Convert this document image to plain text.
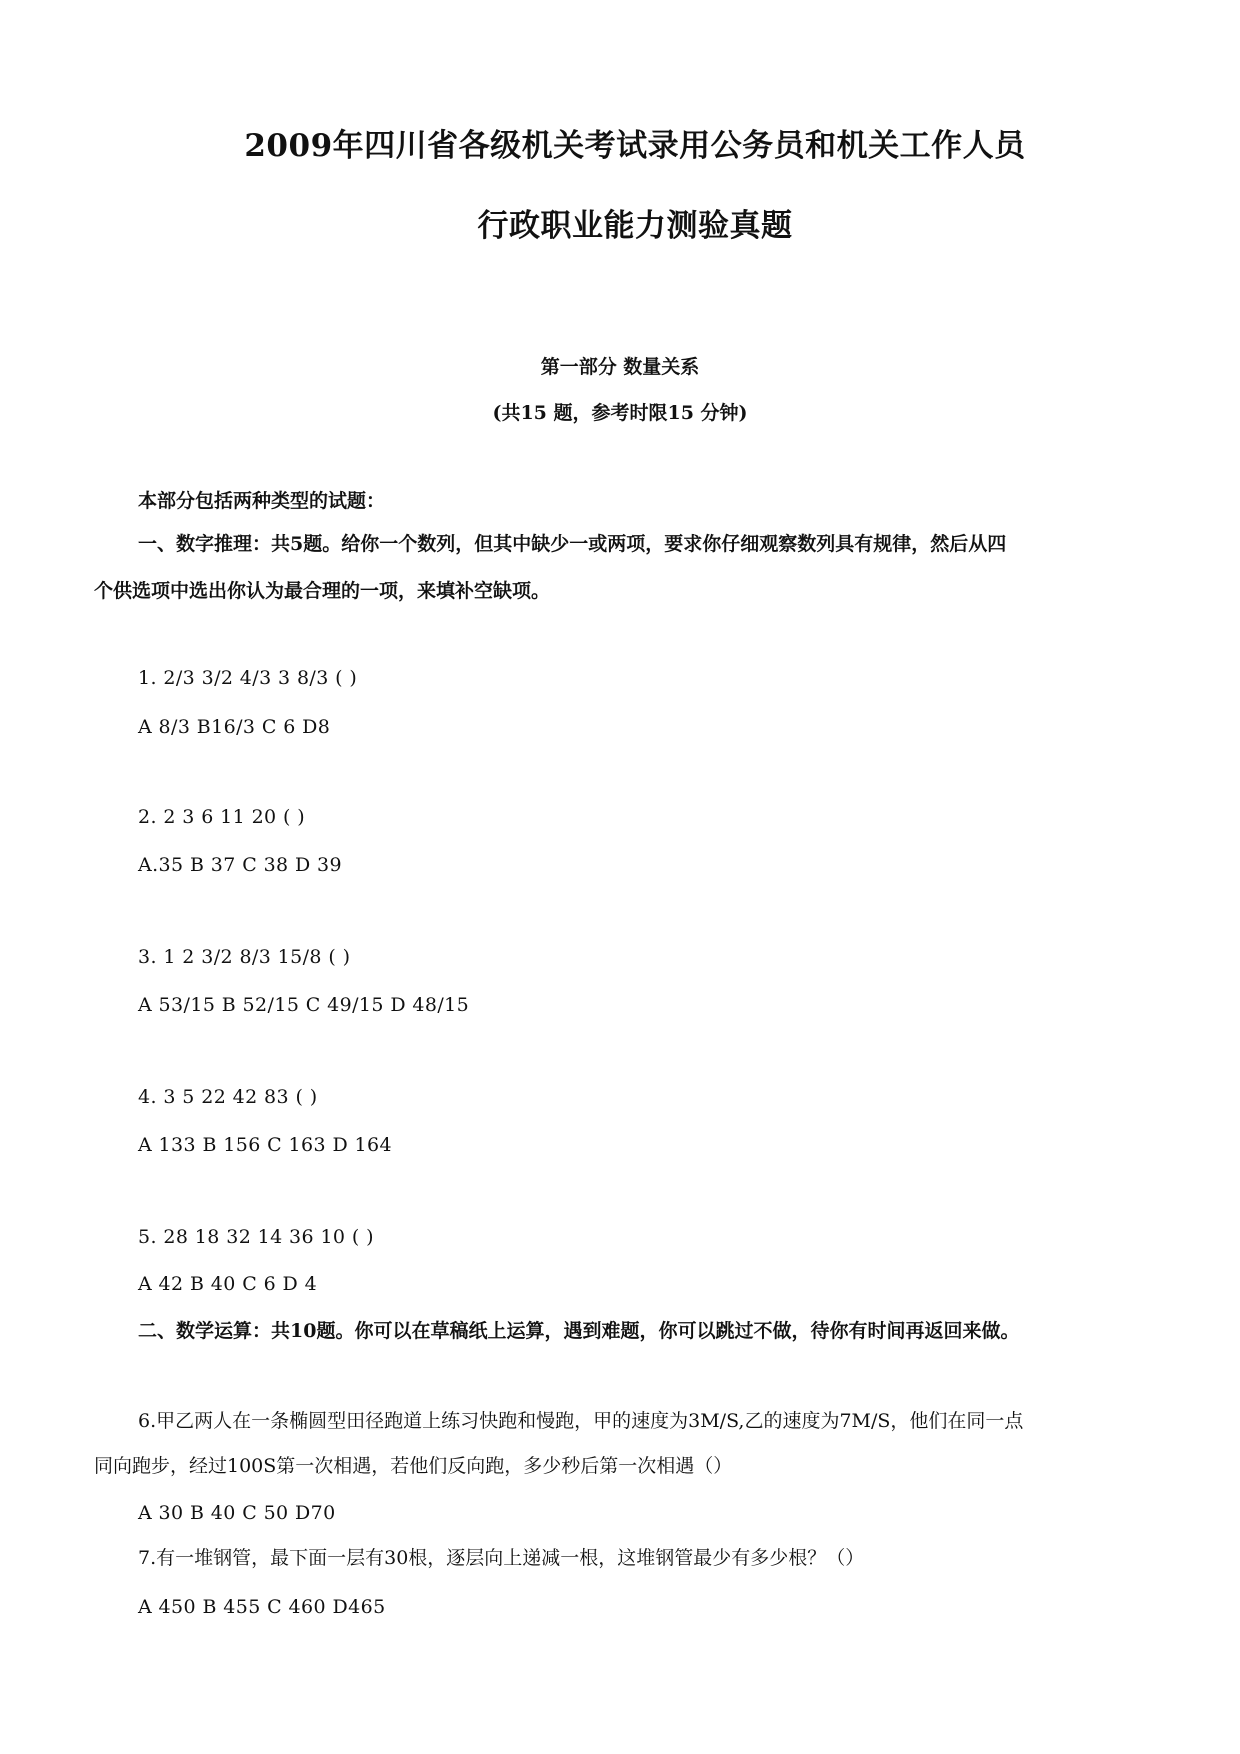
2009年四川省各级机关考试录用公务员和机关工作人员
行政职业能力测验真题
第一部分 数量关系
(共15 题，参考时限15 分钟)
本部分包括两种类型的试题：
一、数字推理：共5题。给你一个数列，但其中缺少一或两项，要求你仔细观察数列具有规律，然后从四
个供选项中选出你认为最合理的一项，来填补空缺项。
1. 2/3 3/2 4/3 3 8/3 ( )
A 8/3 B16/3 C 6 D8
2. 2 3 6 11 20 ( )
A.35 B 37 C 38 D 39
3. 1 2 3/2 8/3 15/8 ( )
A 53/15 B 52/15 C 49/15 D 48/15
4. 3 5 22 42 83 ( )
A 133 B 156 C 163 D 164
5. 28 18 32 14 36 10 ( )
A 42 B 40 C 6 D 4
二、数学运算：共10题。你可以在草稿纸上运算，遇到难题，你可以跳过不做，待你有时间再返回来做。
6.甲乙两人在一条椭圆型田径跑道上练习快跑和慢跑，甲的速度为3M/S,乙的速度为7M/S，他们在同一点
同向跑步，经过100S第一次相遇，若他们反向跑，多少秒后第一次相遇（）
A 30 B 40 C 50 D70
7.有一堆钢管，最下面一层有30根，逐层向上递减一根，这堆钢管最少有多少根？（）
A 450 B 455 C 460 D465
